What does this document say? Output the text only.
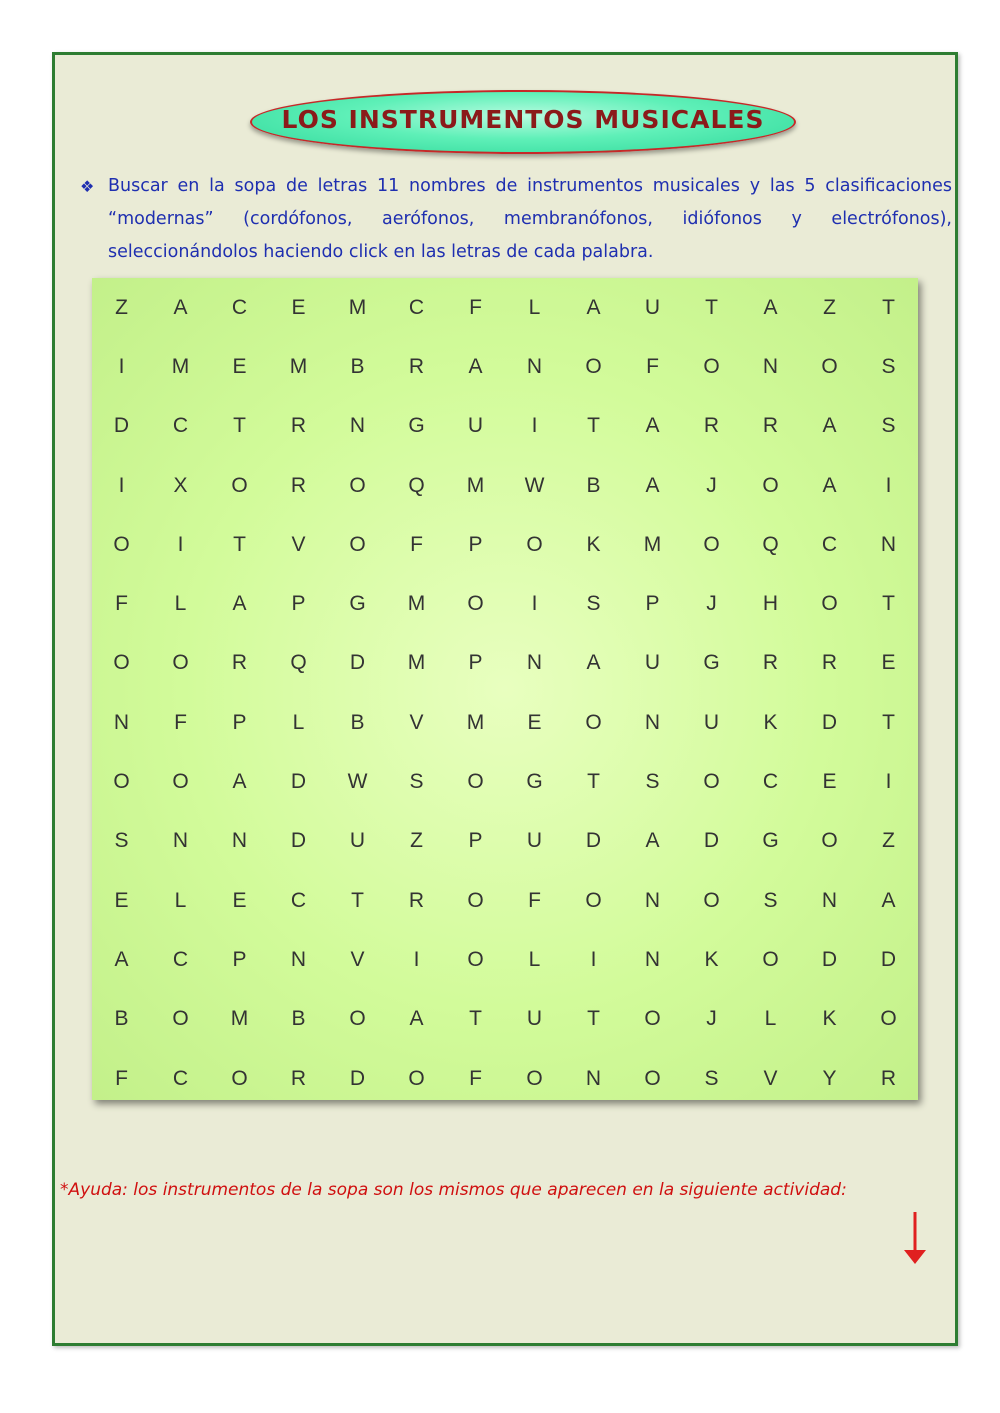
LOS INSTRUMENTOS MUSICALES
❖ Buscar en la sopa de letras 11 nombres de instrumentos musicales y las 5 clasificaciones “modernas” (cordófonos, aerófonos, membranófonos, idiófonos y electrófonos), seleccionándolos haciendo click en las letras de cada palabra.
Z	A	C	E	M	C	F	L	A	U	T	A	Z	T
I	M	E	M	B	R	A	N	O	F	O	N	O	S
D	C	T	R	N	G	U	I	T	A	R	R	A	S
I	X	O	R	O	Q	M	W	B	A	J	O	A	I
O	I	T	V	O	F	P	O	K	M	O	Q	C	N
F	L	A	P	G	M	O	I	S	P	J	H	O	T
O	O	R	Q	D	M	P	N	A	U	G	R	R	E
N	F	P	L	B	V	M	E	O	N	U	K	D	T
O	O	A	D	W	S	O	G	T	S	O	C	E	I
S	N	N	D	U	Z	P	U	D	A	D	G	O	Z
E	L	E	C	T	R	O	F	O	N	O	S	N	A
A	C	P	N	V	I	O	L	I	N	K	O	D	D
B	O	M	B	O	A	T	U	T	O	J	L	K	O
F	C	O	R	D	O	F	O	N	O	S	V	Y	R
*Ayuda: los instrumentos de la sopa son los mismos que aparecen en la siguiente actividad:
